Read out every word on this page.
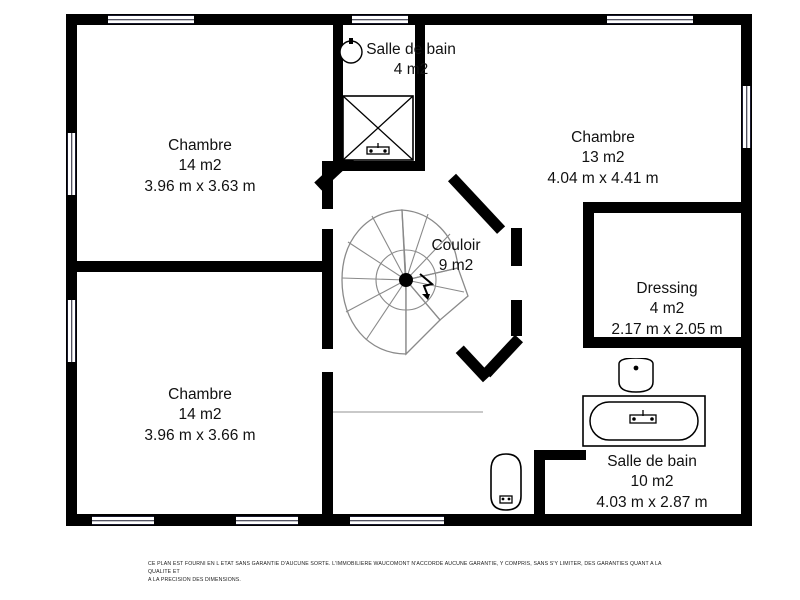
Chambre
14 m2
3.96 m x 3.63 m
Chambre
14 m2
3.96 m x 3.66 m
Salle de bain
4 m2
Chambre
13 m2
4.04 m x 4.41 m
Couloir
9 m2
Dressing
4 m2
2.17 m x 2.05 m
Salle de bain
10 m2
4.03 m x 2.87 m
CE PLAN EST FOURNI EN L ETAT SANS GARANTIE D'AUCUNE SORTE. L'IMMOBILIERE WAUCOMONT N'ACCORDE AUCUNE GARANTIE, Y COMPRIS, SANS S'Y LIMITER, DES GARANTIES QUANT A LA QUALITE ET
A LA PRECISION DES DIMENSIONS.
